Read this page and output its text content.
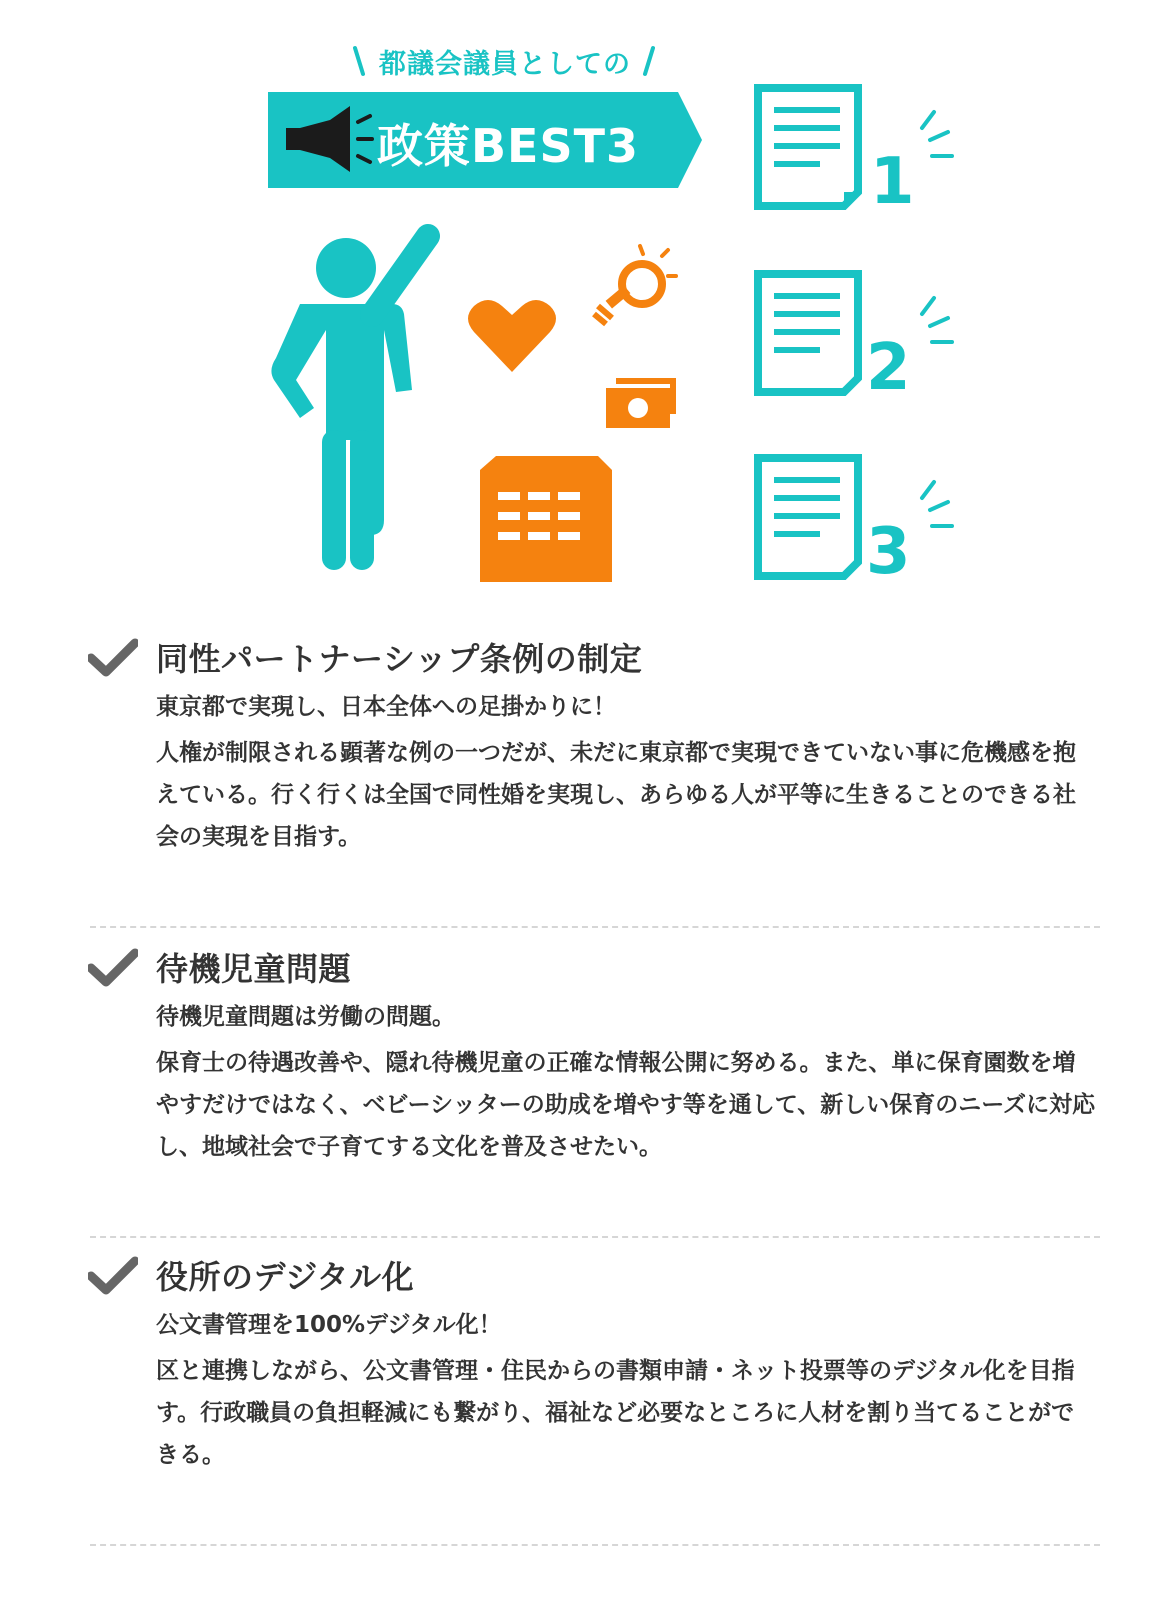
都議会議員としての
政策BEST3	1
2
3
同性パートナーシップ条例の制定
東京都で実現し、日本全体への足掛かりに！
人権が制限される顕著な例の一つだが、未だに東京都で実現できていない事に危機感を抱えている。行く行くは全国で同性婚を実現し、あらゆる人が平等に生きることのできる社会の実現を目指す。
待機児童問題
待機児童問題は労働の問題。
保育士の待遇改善や、隠れ待機児童の正確な情報公開に努める。また、単に保育園数を増やすだけではなく、ベビーシッターの助成を増やす等を通して、新しい保育のニーズに対応し、地域社会で子育てする文化を普及させたい。
役所のデジタル化
公文書管理を100%デジタル化！
区と連携しながら、公文書管理・住民からの書類申請・ネット投票等のデジタル化を目指す。行政職員の負担軽減にも繋がり、福祉など必要なところに人材を割り当てることができる。
